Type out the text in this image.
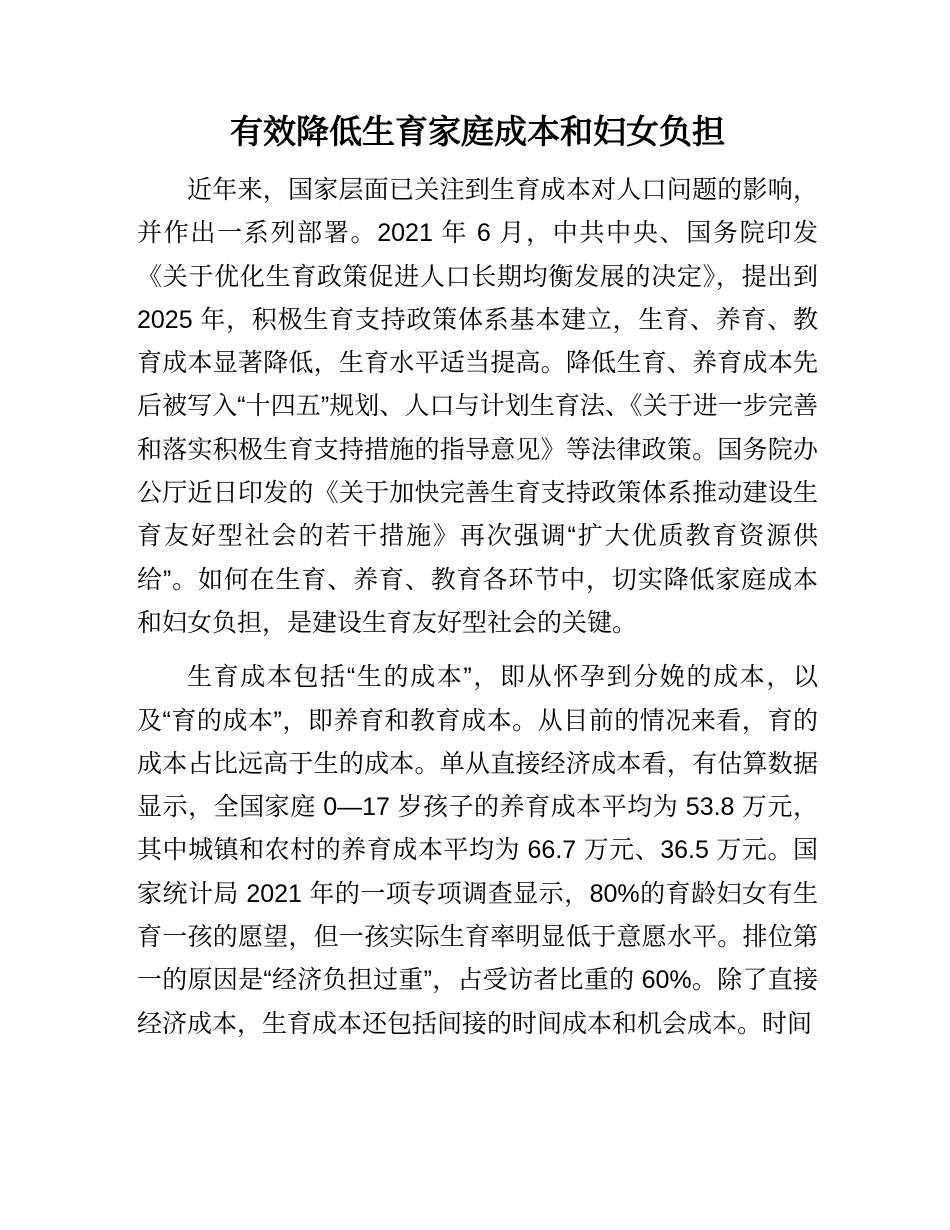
有效降低生育家庭成本和妇女负担

近年来，国家层面已关注到生育成本对人口问题的影响，并作出一系列部署。2021 年 6 月，中共中央、国务院印发《关于优化生育政策促进人口长期均衡发展的决定》，提出到 2025 年，积极生育支持政策体系基本建立，生育、养育、教育成本显著降低，生育水平适当提高。降低生育、养育成本先后被写入“十四五”规划、人口与计划生育法、《关于进一步完善和落实积极生育支持措施的指导意见》等法律政策。国务院办公厅近日印发的《关于加快完善生育支持政策体系推动建设生育友好型社会的若干措施》再次强调“扩大优质教育资源供给”。如何在生育、养育、教育各环节中，切实降低家庭成本和妇女负担，是建设生育友好型社会的关键。

生育成本包括“生的成本”，即从怀孕到分娩的成本，以及“育的成本”，即养育和教育成本。从目前的情况来看，育的成本占比远高于生的成本。单从直接经济成本看，有估算数据显示，全国家庭 0—17 岁孩子的养育成本平均为 53.8 万元，其中城镇和农村的养育成本平均为 66.7 万元、36.5 万元。国家统计局 2021 年的一项专项调查显示，80%的育龄妇女有生育一孩的愿望，但一孩实际生育率明显低于意愿水平。排位第一的原因是“经济负担过重”，占受访者比重的 60%。除了直接经济成本，生育成本还包括间接的时间成本和机会成本。时间
